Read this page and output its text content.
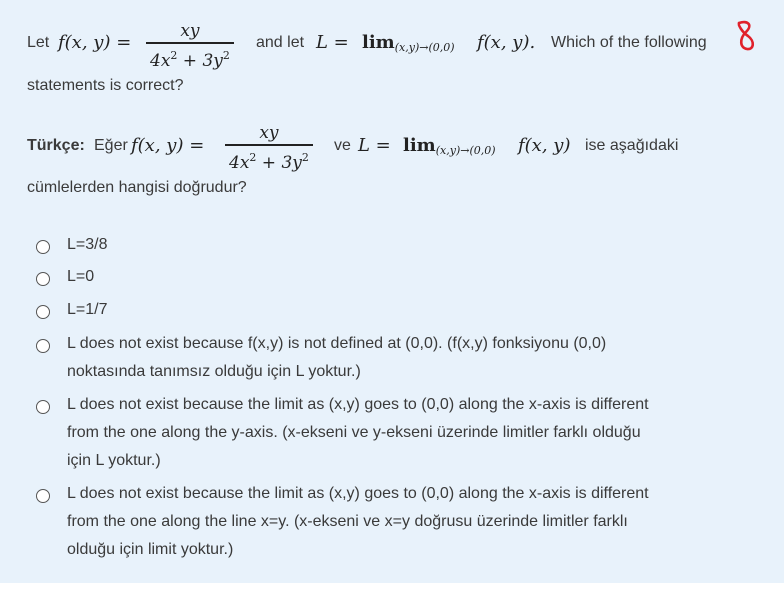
Let f(x, y) =
xy
$4x^2 + 3y^2$
and let $L = \lim_{(x,y)\to(0,0)} f(x$, y). Which of the following
statements is correct?
Türkçe: Eğer f(x, y) =
xy
$4x^2 + 3y^2$
ve $L = \lim_{(x,y)\to(0,0)} f(x$, y) ise aşağıdaki
cümlelerden hangisi doğrudur?
L=3/8
L=0
L=1/7
L does not exist because f(x,y) is not defined at (0,0). (f(x,y) fonksiyonu (0,0)
noktasında tanımsız olduğu için L yoktur.)
L does not exist because the limit as (x,y) goes to (0,0) along the x-axis is different
from the one along the y-axis. (x-ekseni ve y-ekseni üzerinde limitler farklı olduğu
için L yoktur.)
L does not exist because the limit as (x,y) goes to (0,0) along the x-axis is different
from the one along the line x=y. (x-ekseni ve x=y doğrusu üzerinde limitler farklı
olduğu için limit yoktur.)
